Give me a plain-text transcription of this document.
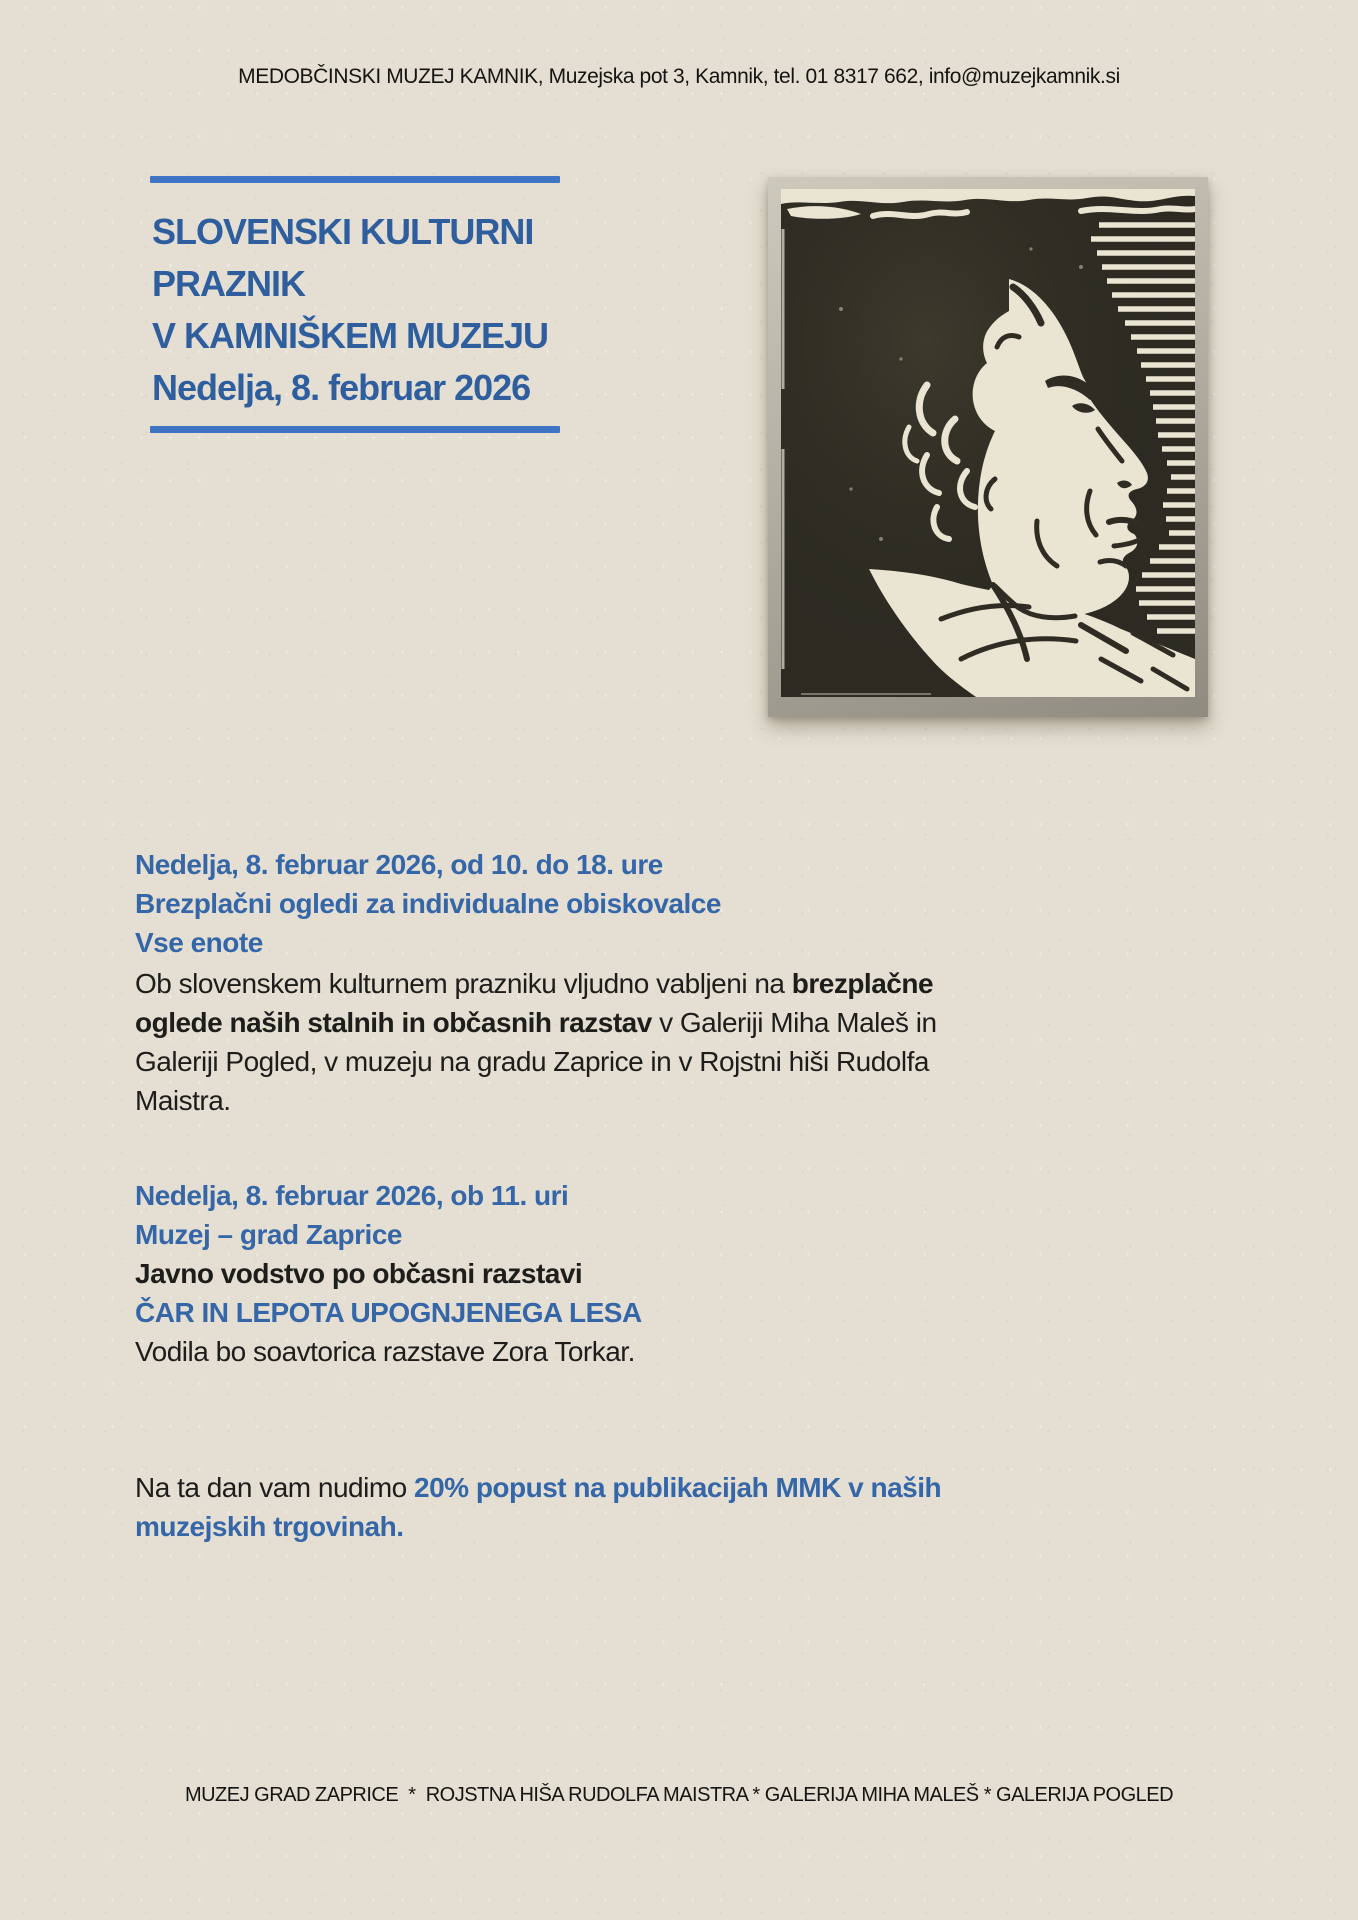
MEDOBČINSKI MUZEJ KAMNIK, Muzejska pot 3, Kamnik, tel. 01 8317 662, info@muzejkamnik.si
SLOVENSKI KULTURNI
PRAZNIK
V KAMNIŠKEM MUZEJU
Nedelja, 8. februar 2026
Nedelja, 8. februar 2026, od 10. do 18. ure
Brezplačni ogledi za individualne obiskovalce
Vse enote
Ob slovenskem kulturnem prazniku vljudno vabljeni na brezplačne
oglede naših stalnih in občasnih razstav v Galeriji Miha Maleš in
Galeriji Pogled, v muzeju na gradu Zaprice in v Rojstni hiši Rudolfa
Maistra.
Nedelja, 8. februar 2026, ob 11. uri
Muzej – grad Zaprice
Javno vodstvo po občasni razstavi
ČAR IN LEPOTA UPOGNJENEGA LESA
Vodila bo soavtorica razstave Zora Torkar.
Na ta dan vam nudimo 20% popust na publikacijah MMK v naših
muzejskih trgovinah.
MUZEJ GRAD ZAPRICE  *  ROJSTNA HIŠA RUDOLFA MAISTRA * GALERIJA MIHA MALEŠ * GALERIJA POGLED
